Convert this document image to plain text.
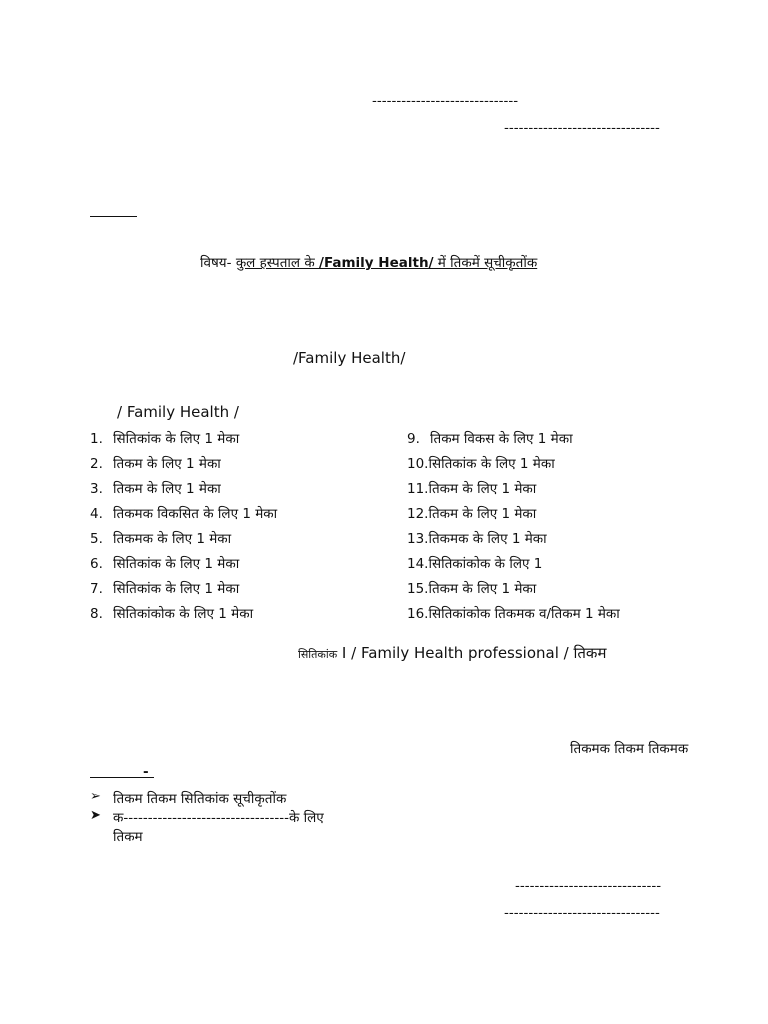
------------------------------
--------------------------------
विषय- कुल हस्पताल के /Family Health/ में तिकमें सूचीकृतोंक
/Family Health/
/ Family Health /
1. सितिकांक के लिए 1 मेका
2. तिकम के लिए 1 मेका
3. तिकम के लिए 1 मेका
4. तिकमक विकसित के लिए 1 मेका
5. तिकमक के लिए 1 मेका
6. सितिकांक के लिए 1 मेका
7. सितिकांक के लिए 1 मेका
8. सितिकांकोक के लिए 1 मेका
9. तिकम विकस के लिए 1 मेका
10.सितिकांक के लिए 1 मेका
11.तिकम के लिए 1 मेका
12.तिकम के लिए 1 मेका
13.तिकमक के लिए 1 मेका
14.सितिकांकोक के लिए 1
15.तिकम के लिए 1 मेका
16.सितिकांकोक तिकमक व/तिकम 1 मेका
सितिकांक I / Family Health professional / तिकम
तिकमक तिकम तिकमक
-
➢ तिकम तिकम सितिकांक सूचीकृतोंक
➤ क----------------------------------के लिए
तिकम
------------------------------
--------------------------------
